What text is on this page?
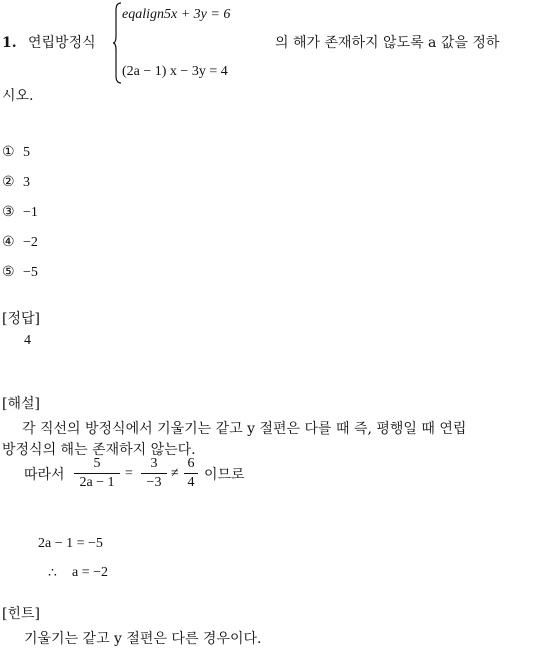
1. 연립방정식
eqalign5x + 3y = 6
(2a − 1) x − 3y = 4
의 해가 존재하지 않도록 a 값을 정하
시오.
① 5
② 3
③ −1
④ −2
⑤ −5
[정답]
4
[해설]
각 직선의 방정식에서 기울기는 같고 y 절편은 다를 때 즉, 평행일 때 연립
방정식의 해는 존재하지 않는다.
따라서
5
2a − 1
=
3
−3
≠
6
4 이므로
2a − 1 = −5
∴ a = −2
[힌트]
기울기는 같고 y 절편은 다른 경우이다.
